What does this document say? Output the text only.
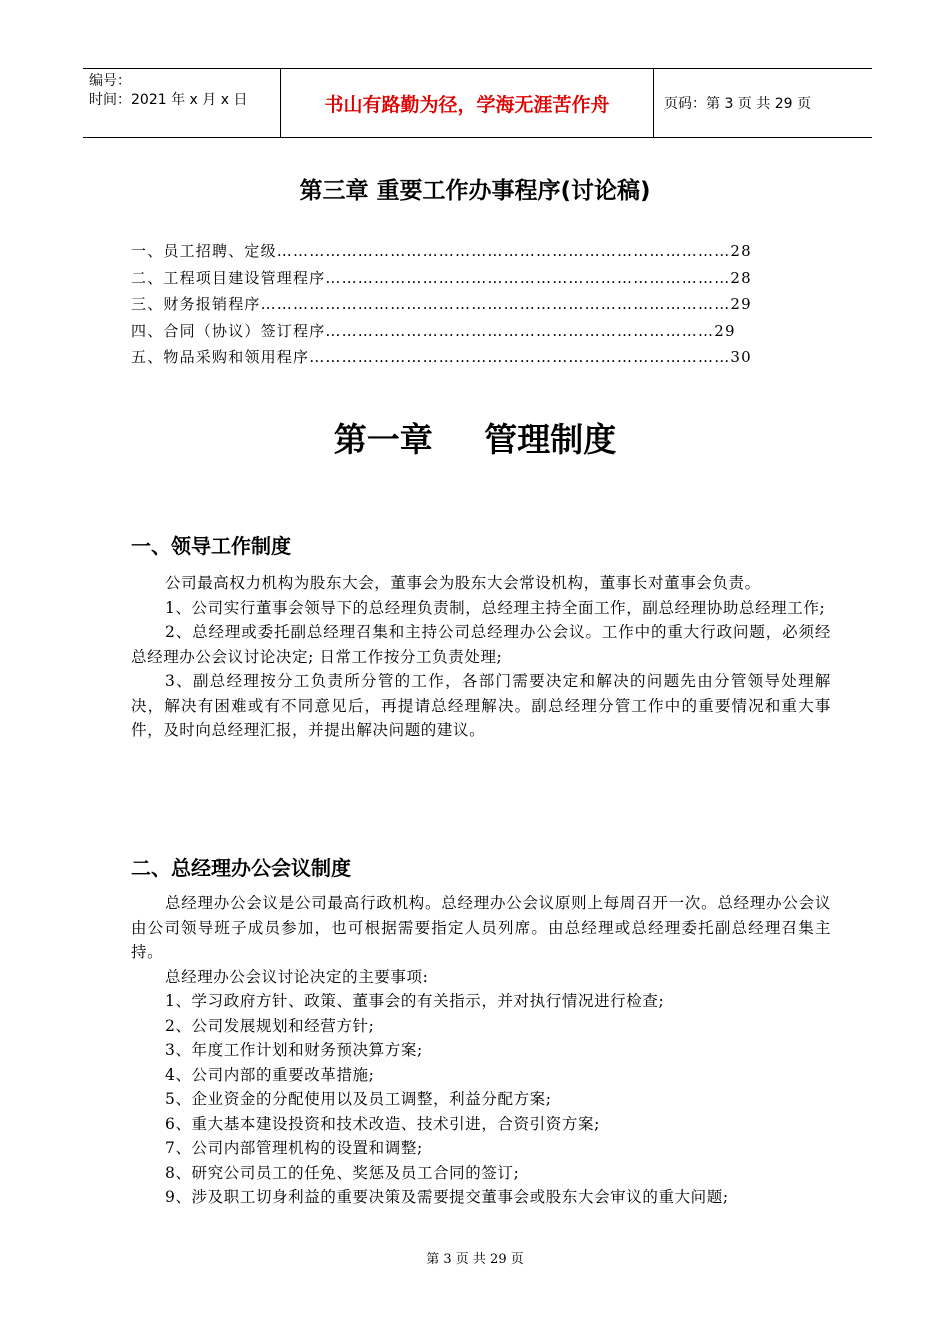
编号：
时间：2021 年 x 月 x 日	书山有路勤为径，学海无涯苦作舟	页码：第 3 页 共 29 页
第三章 重要工作办事程序(讨论稿)
一、员工招聘、定级…………………………………………………………………………28
二、工程项目建设管理程序…………………………………………………………………28
三、财务报销程序……………………………………………………………………………29
四、合同（协议）签订程序………………………………………………………………29
五、物品采购和领用程序……………………………………………………………………30
第一章 管理制度
一、领导工作制度

公司最高权力机构为股东大会，董事会为股东大会常设机构，董事长对董事会负责。

1、公司实行董事会领导下的总经理负责制，总经理主持全面工作，副总经理协助总经理工作;

2、总经理或委托副总经理召集和主持公司总经理办公会议。工作中的重大行政问题，必须经总经理办公会议讨论决定; 日常工作按分工负责处理;

3、副总经理按分工负责所分管的工作，各部门需要决定和解决的问题先由分管领导处理解决，解决有困难或有不同意见后，再提请总经理解决。副总经理分管工作中的重要情况和重大事件，及时向总经理汇报，并提出解决问题的建议。

二、总经理办公会议制度

总经理办公会议是公司最高行政机构。总经理办公会议原则上每周召开一次。总经理办公会议由公司领导班子成员参加，也可根据需要指定人员列席。由总经理或总经理委托副总经理召集主持。

总经理办公会议讨论决定的主要事项:

1、学习政府方针、政策、董事会的有关指示，并对执行情况进行检查;

2、公司发展规划和经营方针;

3、年度工作计划和财务预决算方案;

4、公司内部的重要改革措施;

5、企业资金的分配使用以及员工调整，利益分配方案;

6、重大基本建设投资和技术改造、技术引进，合资引资方案;

7、公司内部管理机构的设置和调整;

8、研究公司员工的任免、奖惩及员工合同的签订;

9、涉及职工切身利益的重要决策及需要提交董事会或股东大会审议的重大问题;

第 3 页 共 29 页
